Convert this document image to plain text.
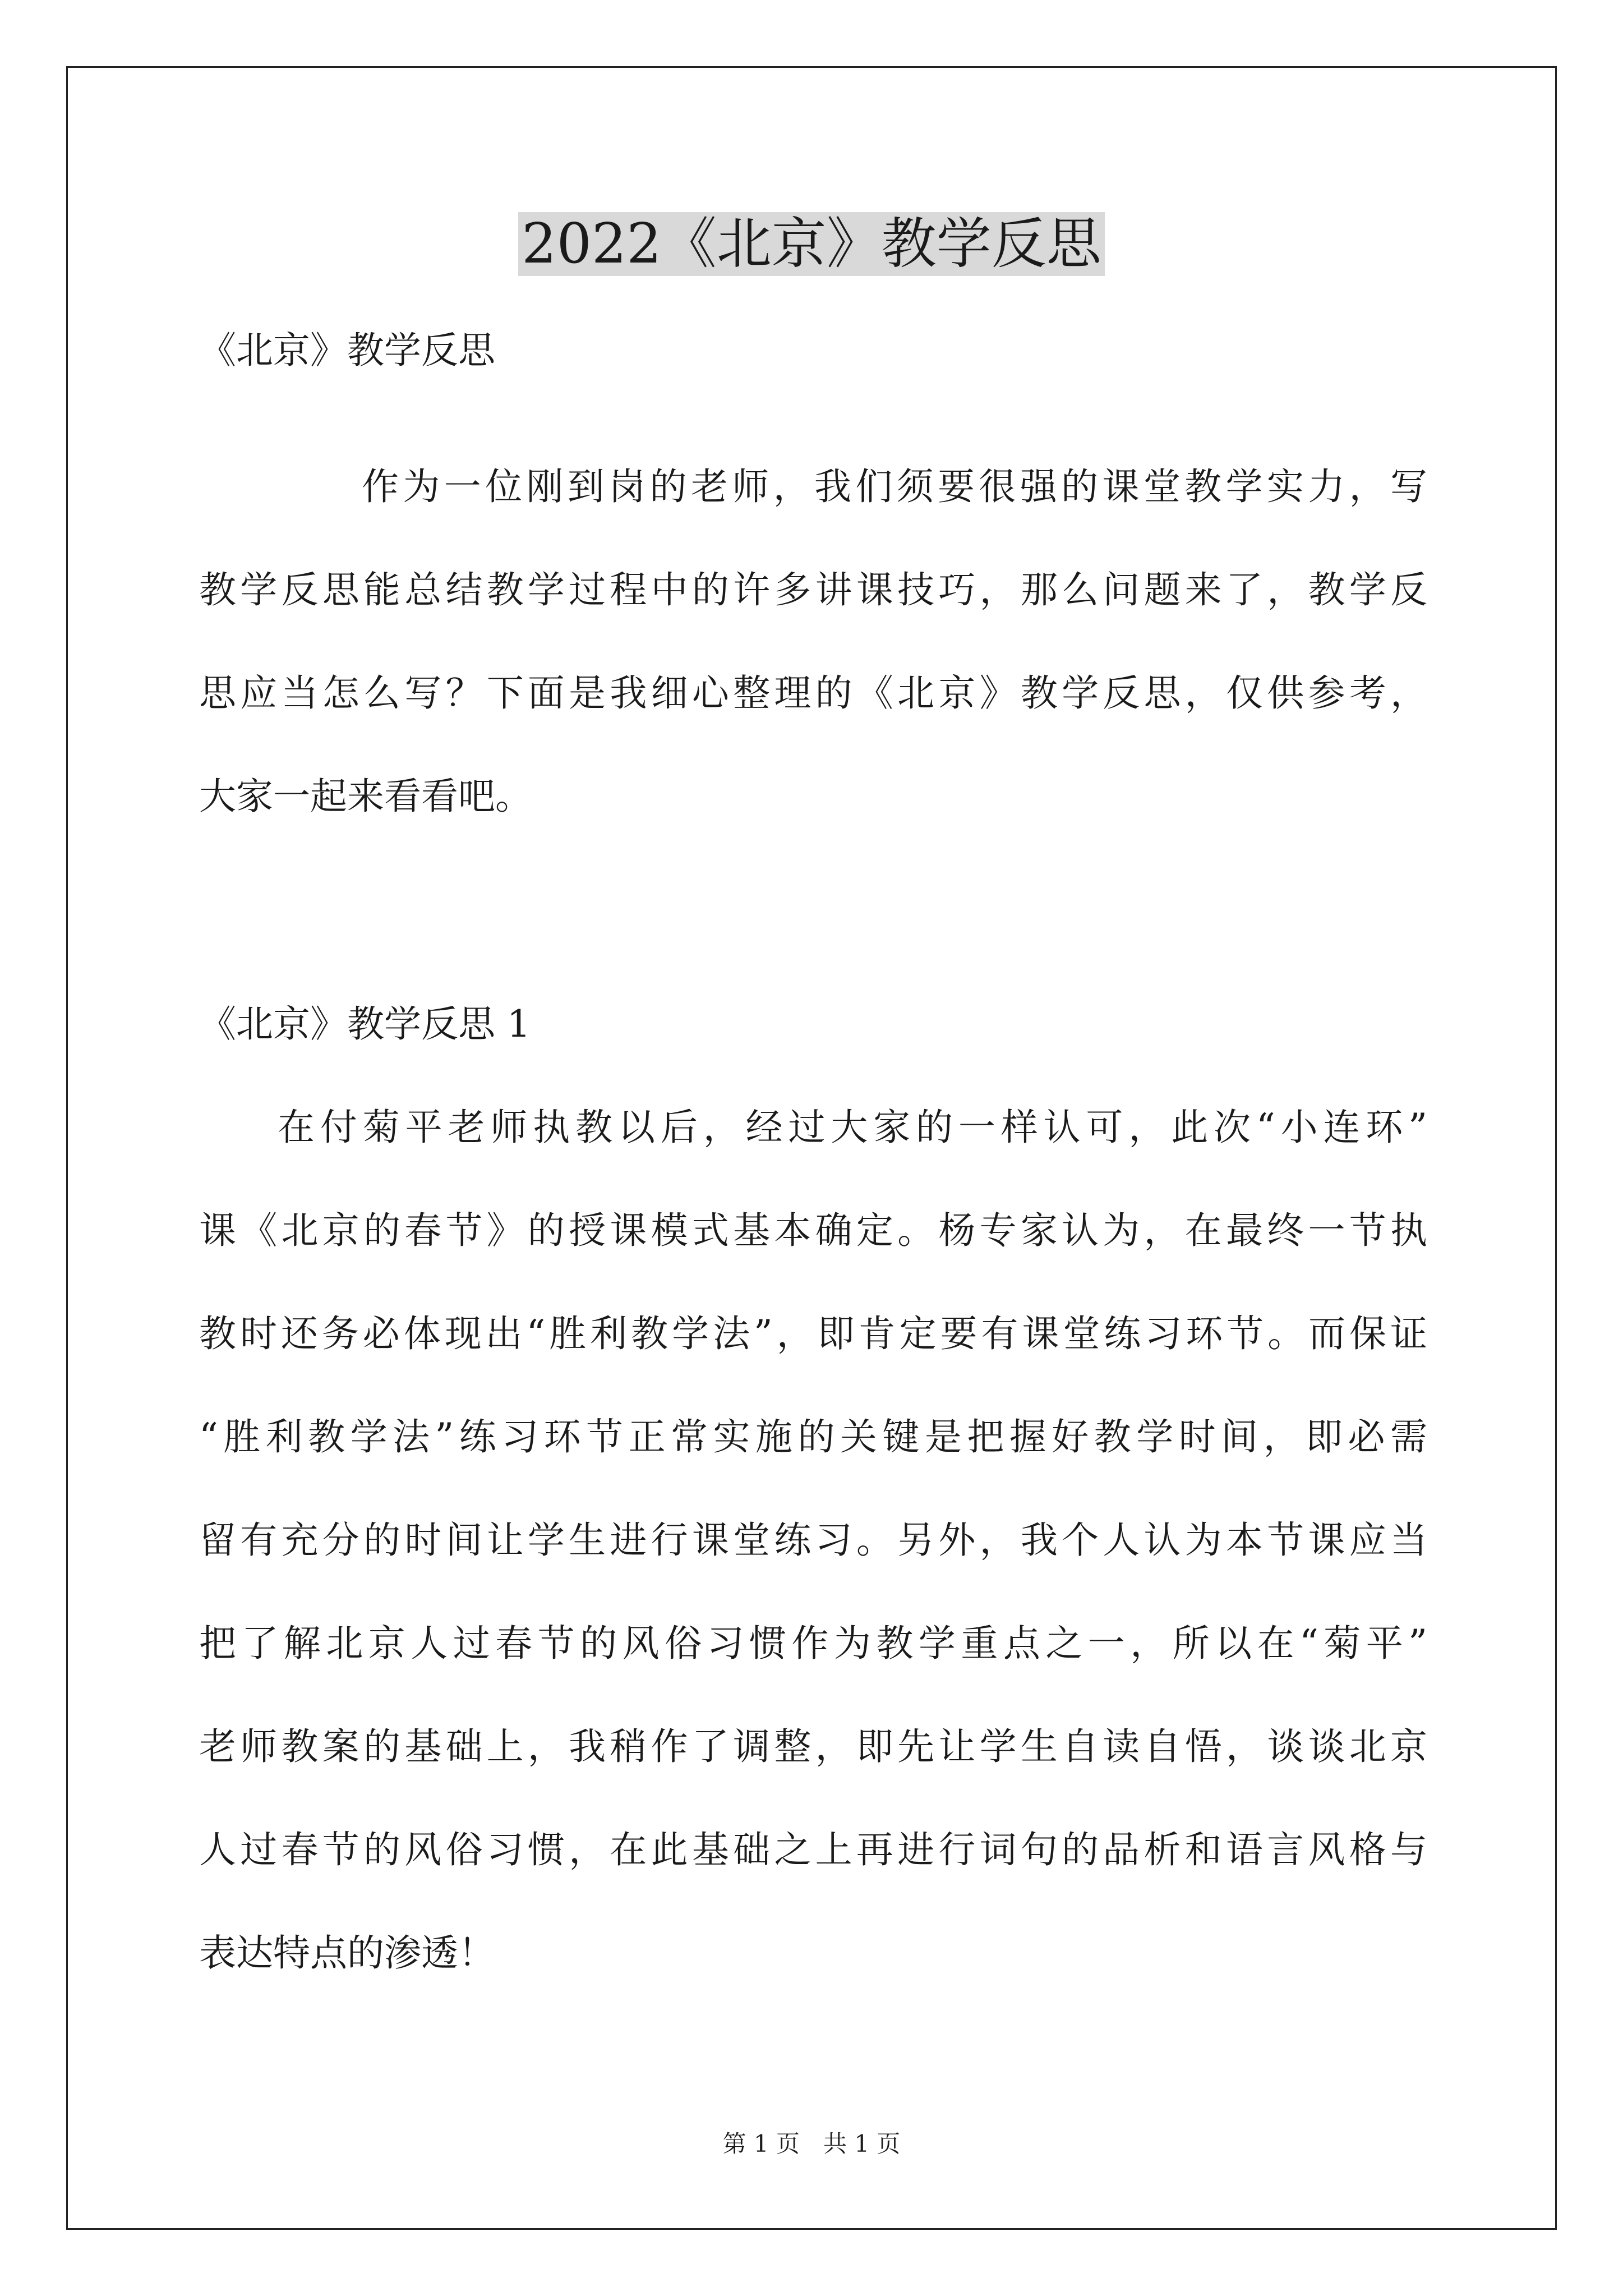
2022《北京》教学反思
《北京》教学反思
作为一位刚到岗的老师，我们须要很强的课堂教学实力，写
教学反思能总结教学过程中的许多讲课技巧，那么问题来了，教学反
思应当怎么写？下面是我细心整理的《北京》教学反思，仅供参考，
大家一起来看看吧。
《北京》教学反思 1
在付菊平老师执教以后，经过大家的一样认可，此次“小连环”
课《北京的春节》的授课模式基本确定。杨专家认为，在最终一节执
教时还务必体现出“胜利教学法”，即肯定要有课堂练习环节。而保证
“胜利教学法”练习环节正常实施的关键是把握好教学时间，即必需
留有充分的时间让学生进行课堂练习。另外，我个人认为本节课应当
把了解北京人过春节的风俗习惯作为教学重点之一，所以在“菊平”
老师教案的基础上，我稍作了调整，即先让学生自读自悟，谈谈北京
人过春节的风俗习惯，在此基础之上再进行词句的品析和语言风格与
表达特点的渗透！
第 1 页　共 1 页
